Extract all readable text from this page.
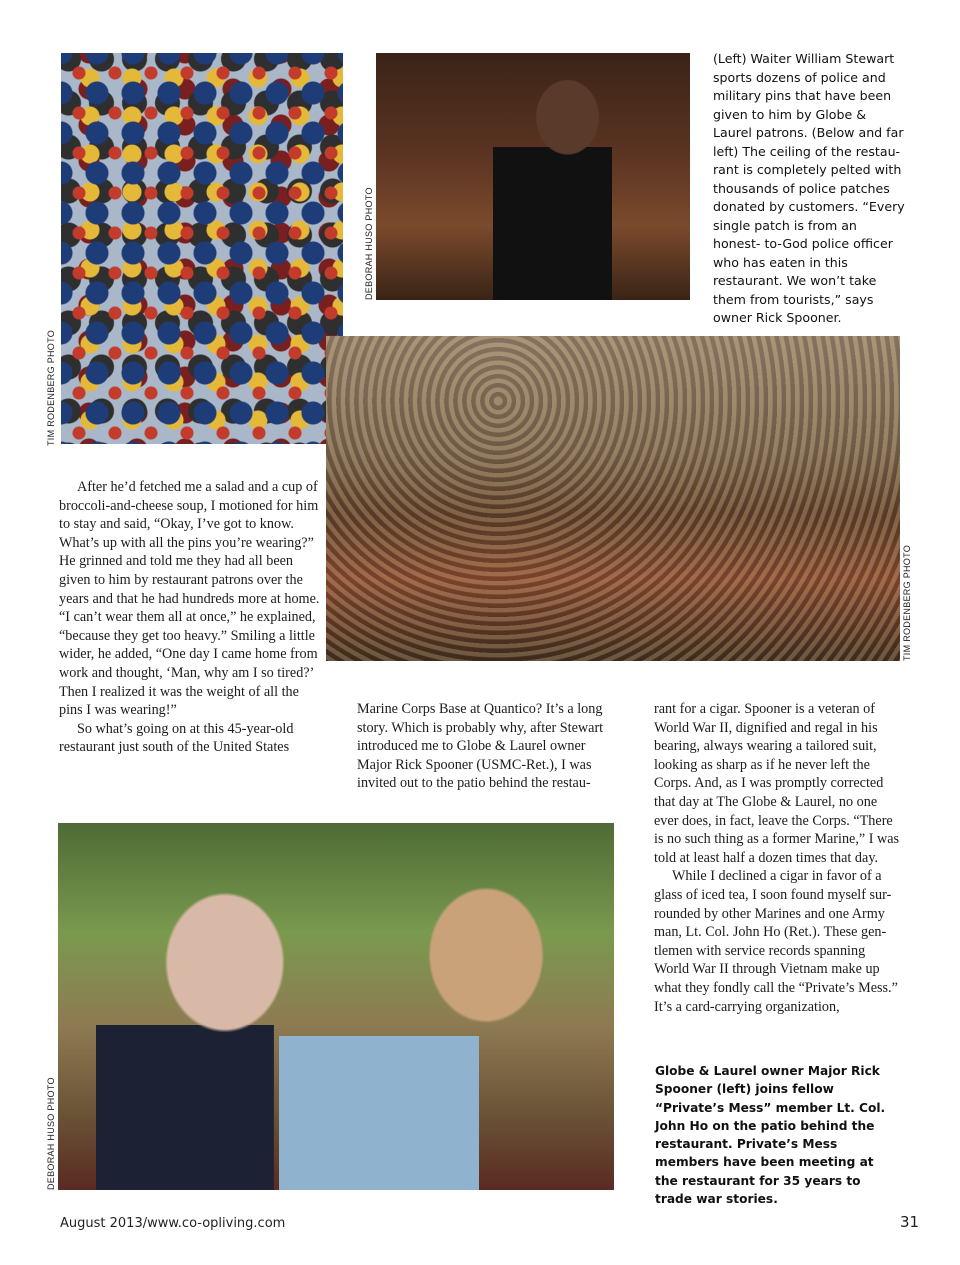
TIM RODENBERG PHOTO
DEBORAH HUSO PHOTO
TIM RODENBERG PHOTO
DEBORAH HUSO PHOTO
(Left) Waiter William Stewart sports dozens of police and military pins that have been given to him by Globe & Laurel patrons. (Below and far left) The ceiling of the restau- rant is completely pelted with thousands of police patches donated by customers. “Every single patch is from an honest- to-God police officer who has eaten in this restaurant. We won’t take them from tourists,” says owner Rick Spooner.
Globe & Laurel owner Major Rick Spooner (left) joins fellow “Private’s Mess” member Lt. Col. John Ho on the patio behind the restaurant. Private’s Mess members have been meeting at the restaurant for 35 years to trade war stories.

After he’d fetched me a salad and a cup of broccoli-and-cheese soup, I motioned for him to stay and said, “Okay, I’ve got to know. What’s up with all the pins you’re wearing?” He grinned and told me they had all been given to him by restaurant patrons over the years and that he had hundreds more at home. “I can’t wear them all at once,” he explained, “because they get too heavy.” Smiling a little wider, he added, “One day I came home from work and thought, ‘Man, why am I so tired?’ Then I realized it was the weight of all the pins I was wearing!”

So what’s going on at this 45-year-old restaurant just south of the United States

Marine Corps Base at Quantico? It’s a long story. Which is probably why, after Stewart introduced me to Globe & Laurel owner Major Rick Spooner (USMC-Ret.), I was invited out to the patio behind the restau-

rant for a cigar. Spooner is a veteran of World War II, dignified and regal in his bearing, always wearing a tailored suit, looking as sharp as if he never left the Corps. And, as I was promptly corrected that day at The Globe & Laurel, no one ever does, in fact, leave the Corps. “There is no such thing as a former Marine,” I was told at least half a dozen times that day.

While I declined a cigar in favor of a glass of iced tea, I soon found myself sur- rounded by other Marines and one Army man, Lt. Col. John Ho (Ret.). These gen- tlemen with service records spanning World War II through Vietnam make up what they fondly call the “Private’s Mess.” It’s a card-carrying organization,

August 2013/www.co-opliving.com	31
